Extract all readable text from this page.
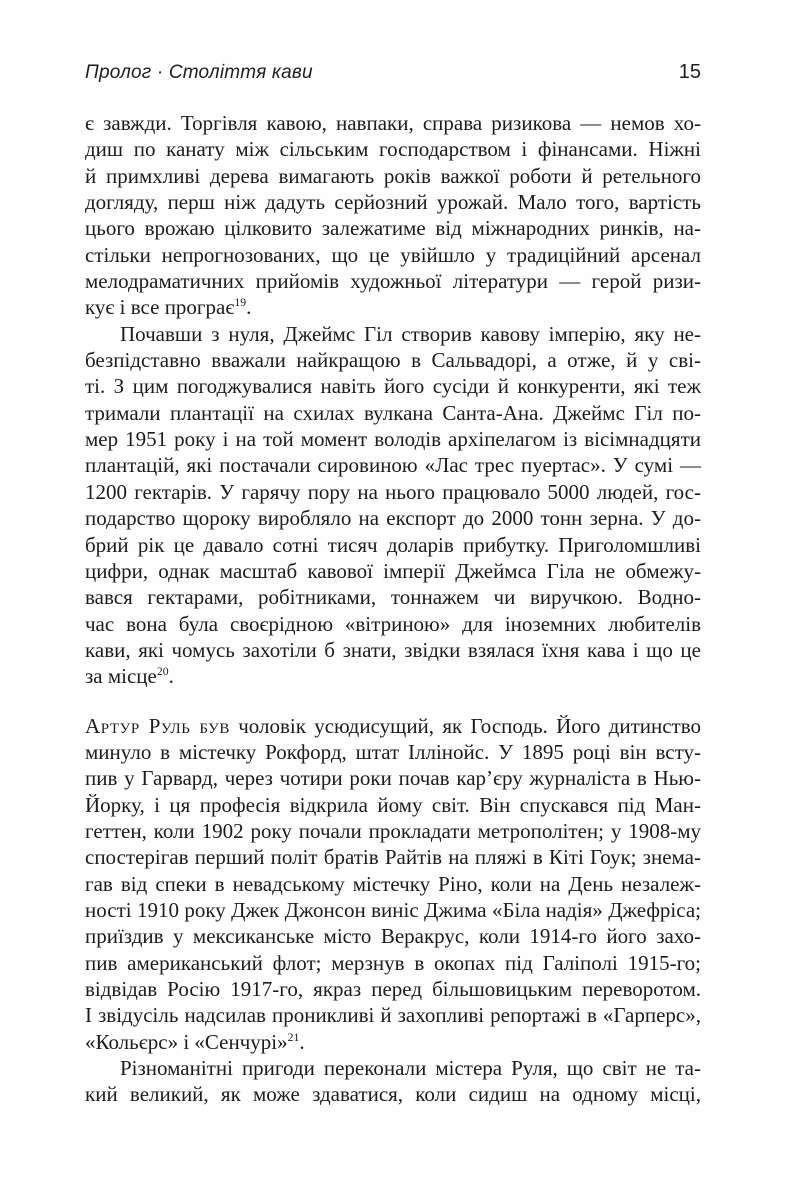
Пролог · Століття кави	15
є завжди. Торгівля кавою, навпаки, справа ризикова — немов хо-
диш по канату між сільським господарством і фінансами. Ніжні
й примхливі дерева вимагають років важкої роботи й ретельного
догляду, перш ніж дадуть серйозний урожай. Мало того, вартість
цього врожаю цілковито залежатиме від міжнародних ринків, на-
стільки непрогнозованих, що це увійшло у традиційний арсенал
мелодраматичних прийомів художньої літератури — герой ризи-
кує і все програє$^{19}$.
Почавши з нуля, Джеймс Гіл створив кавову імперію, яку не-
безпідставно вважали найкращою в Сальвадорі, а отже, й у сві-
ті. З цим погоджувалися навіть його сусіди й конкуренти, які теж
тримали плантації на схилах вулкана Санта-Ана. Джеймс Гіл по-
мер 1951 року і на той момент володів архіпелагом із вісімнадцяти
плантацій, які постачали сировиною «Лас трес пуертас». У сумі —
1200 гектарів. У гарячу пору на нього працювало 5000 людей, гос-
подарство щороку виробляло на експорт до 2000 тонн зерна. У до-
брий рік це давало сотні тисяч доларів прибутку. Приголомшливі
цифри, однак масштаб кавової імперії Джеймса Гіла не обмежу-
вався гектарами, робітниками, тоннажем чи виручкою. Водно-
час вона була своєрідною «вітриною» для іноземних любителів
кави, які чомусь захотіли б знати, звідки взялася їхня кава і що це
за місце$^{20}$.
Артур Руль був чоловік усюдисущий, як Господь. Його дитинство
минуло в містечку Рокфорд, штат Іллінойс. У 1895 році він всту-
пив у Гарвард, через чотири роки почав кар’єру журналіста в Нью-
Йорку, і ця професія відкрила йому світ. Він спускався під Ман-
геттен, коли 1902 року почали прокладати метрополітен; у 1908-му
спостерігав перший політ братів Райтів на пляжі в Кіті Гоук; знема-
гав від спеки в невадському містечку Ріно, коли на День незалеж-
ності 1910 року Джек Джонсон виніс Джима «Біла надія» Джефріса;
приїздив у мексиканське місто Веракрус, коли 1914-го його захо-
пив американський флот; мерзнув в окопах під Галіполі 1915-го;
відвідав Росію 1917-го, якраз перед більшовицьким переворотом.
І звідусіль надсилав проникливі й захопливі репортажі в «Гарперс»,
«Кольєрс» і «Сенчурі»$^{21}$.
Різноманітні пригоди переконали містера Руля, що світ не та-
кий великий, як може здаватися, коли сидиш на одному місці,
